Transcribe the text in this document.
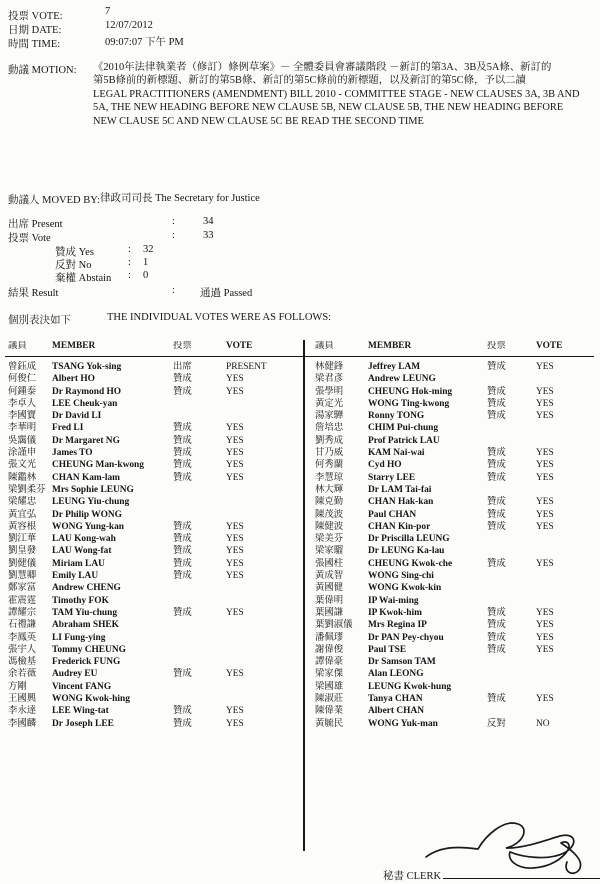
投票 VOTE:	7
日期 DATE:	12/07/2012
時間 TIME:	09:07:07 下午 PM
動議 MOTION: 《2010年法律執業者（修訂）條例草案》－ 全體委員會審議階段 －新訂的第3A、3B及5A條、新訂的
第5B條前的新標題、新訂的第5B條、新訂的第5C條前的新標題，以及新訂的第5C條，予以二讀
LEGAL PRACTITIONERS (AMENDMENT) BILL 2010 - COMMITTEE STAGE - NEW CLAUSES 3A, 3B AND
5A, THE NEW HEADING BEFORE NEW CLAUSE 5B, NEW CLAUSE 5B, THE NEW HEADING BEFORE
NEW CLAUSE 5C AND NEW CLAUSE 5C BE READ THE SECOND TIME
動議人 MOVED BY: 律政司司長 The Secretary for Justice
出席 Present	:	34
投票 Vote	:	33
贊成 Yes	: 32
反對 No	: 1
棄權 Abstain : 0
結果 Result	: 通過 Passed
個別表決如下	THE INDIVIDUAL VOTES WERE AS FOLLOWS:
議員	MEMBER	投票	VOTE
曾鈺成	TSANG Yok-sing	出席	PRESENT
何俊仁	Albert HO	贊成	YES
何鍾泰	Dr Raymond HO	贊成	YES
李卓人	LEE Cheuk-yan
李國寶	Dr David LI
李華明	Fred LI	贊成	YES
吳靄儀	Dr Margaret NG	贊成	YES
涂謹申	James TO	贊成	YES
張文光	CHEUNG Man-kwong	贊成	YES
陳鑑林	CHAN Kam-lam	贊成	YES
梁劉柔芬 Mrs Sophie LEUNG
梁耀忠	LEUNG Yiu-chung
黃宜弘	Dr Philip WONG
黃容根	WONG Yung-kan	贊成	YES
劉江華	LAU Kong-wah	贊成	YES
劉皇發	LAU Wong-fat	贊成	YES
劉健儀	Miriam LAU	贊成	YES
劉慧卿	Emily LAU	贊成	YES
鄭家富	Andrew CHENG
霍震霆	Timothy FOK
譚耀宗	TAM Yiu-chung	贊成	YES
石禮謙	Abraham SHEK
李鳳英	LI Fung-ying
張宇人	Tommy CHEUNG
馮檢基	Frederick FUNG
余若薇	Audrey EU	贊成	YES
方剛	Vincent FANG
王國興	WONG Kwok-hing
李永達	LEE Wing-tat	贊成	YES
李國麟	Dr Joseph LEE	贊成	YES
議員	MEMBER	投票	VOTE
林健鋒	Jeffrey LAM	贊成	YES
梁君彥	Andrew LEUNG
張學明	CHEUNG Hok-ming	贊成	YES
黃定光	WONG Ting-kwong	贊成	YES
湯家驊	Ronny TONG	贊成	YES
詹培忠	CHIM Pui-chung
劉秀成	Prof Patrick LAU
甘乃威	KAM Nai-wai	贊成	YES
何秀蘭	Cyd HO	贊成	YES
李慧琼	Starry LEE	贊成	YES
林大輝	Dr LAM Tai-fai
陳克勤	CHAN Hak-kan	贊成	YES
陳茂波	Paul CHAN	贊成	YES
陳健波	CHAN Kin-por	贊成	YES
梁美芬	Dr Priscilla LEUNG
梁家騮	Dr LEUNG Ka-lau
張國柱	CHEUNG Kwok-che	贊成	YES
黃成智	WONG Sing-chi
黃國健	WONG Kwok-kin
葉偉明	IP Wai-ming
葉國謙	IP Kwok-him	贊成	YES
葉劉淑儀	Mrs Regina IP	贊成	YES
潘佩璆	Dr PAN Pey-chyou	贊成	YES
謝偉俊	Paul TSE	贊成	YES
譚偉豪	Dr Samson TAM
梁家傑	Alan LEONG
梁國雄	LEUNG Kwok-hung
陳淑莊	Tanya CHAN	贊成	YES
陳偉業	Albert CHAN
黃毓民	WONG Yuk-man	反對	NO
秘書 CLERK
